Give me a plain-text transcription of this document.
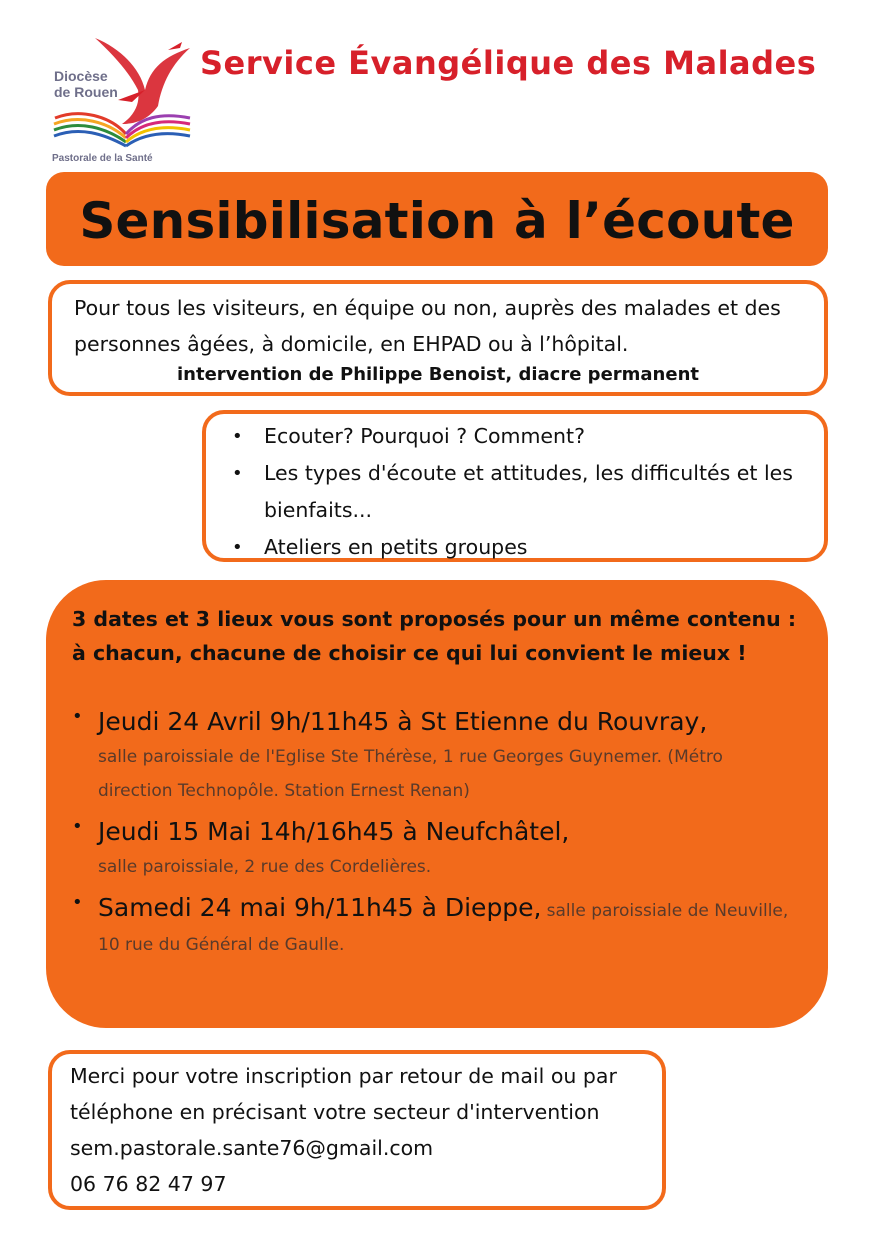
Diocèse
de Rouen
Pastorale de la Santé
Service Évangélique des Malades
Sensibilisation à l’écoute

Pour tous les visiteurs, en équipe ou non, auprès des malades et des personnes âgées, à domicile, en EHPAD ou à l’hôpital.

intervention de Philippe Benoist, diacre permanent
• Ecouter? Pourquoi ? Comment?
• Les types d'écoute et attitudes, les difficultés et les bienfaits...
• Ateliers en petits groupes
3 dates et 3 lieux vous sont proposés pour un même contenu : à chacun, chacune de choisir ce qui lui convient le mieux !
• Jeudi 24 Avril 9h/11h45 à St Etienne du Rouvray,
salle paroissiale de l'Eglise Ste Thérèse, 1 rue Georges Guynemer. (Métro direction Technopôle. Station Ernest Renan)
• Jeudi 15 Mai 14h/16h45 à Neufchâtel,
salle paroissiale, 2 rue des Cordelières.
• Samedi 24 mai 9h/11h45 à Dieppe, salle paroissiale de Neuville, 10 rue du Général de Gaulle.
Merci pour votre inscription par retour de mail ou par
téléphone en précisant votre secteur d'intervention
sem.pastorale.sante76@gmail.com
06 76 82 47 97
